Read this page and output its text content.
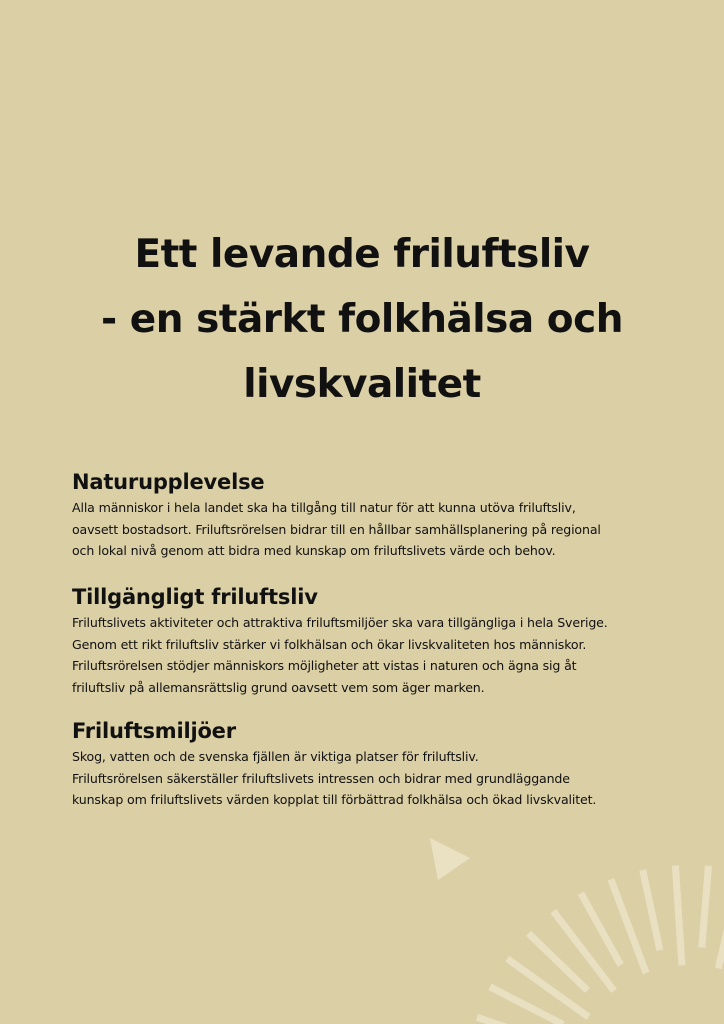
Ett levande friluftsliv
- en stärkt folkhälsa och
livskvalitet
Naturupplevelse

Alla människor i hela landet ska ha tillgång till natur för att kunna utöva friluftsliv,
oavsett bostadsort. Friluftsrörelsen bidrar till en hållbar samhällsplanering på regional
och lokal nivå genom att bidra med kunskap om friluftslivets värde och behov.

Tillgängligt friluftsliv

Friluftslivets aktiviteter och attraktiva friluftsmiljöer ska vara tillgängliga i hela Sverige.
Genom ett rikt friluftsliv stärker vi folkhälsan och ökar livskvaliteten hos människor.
Friluftsrörelsen stödjer människors möjligheter att vistas i naturen och ägna sig åt
friluftsliv på allemansrättslig grund oavsett vem som äger marken.

Friluftsmiljöer

Skog, vatten och de svenska fjällen är viktiga platser för friluftsliv.
Friluftsrörelsen säkerställer friluftslivets intressen och bidrar med grundläggande
kunskap om friluftslivets värden kopplat till förbättrad folkhälsa och ökad livskvalitet.
